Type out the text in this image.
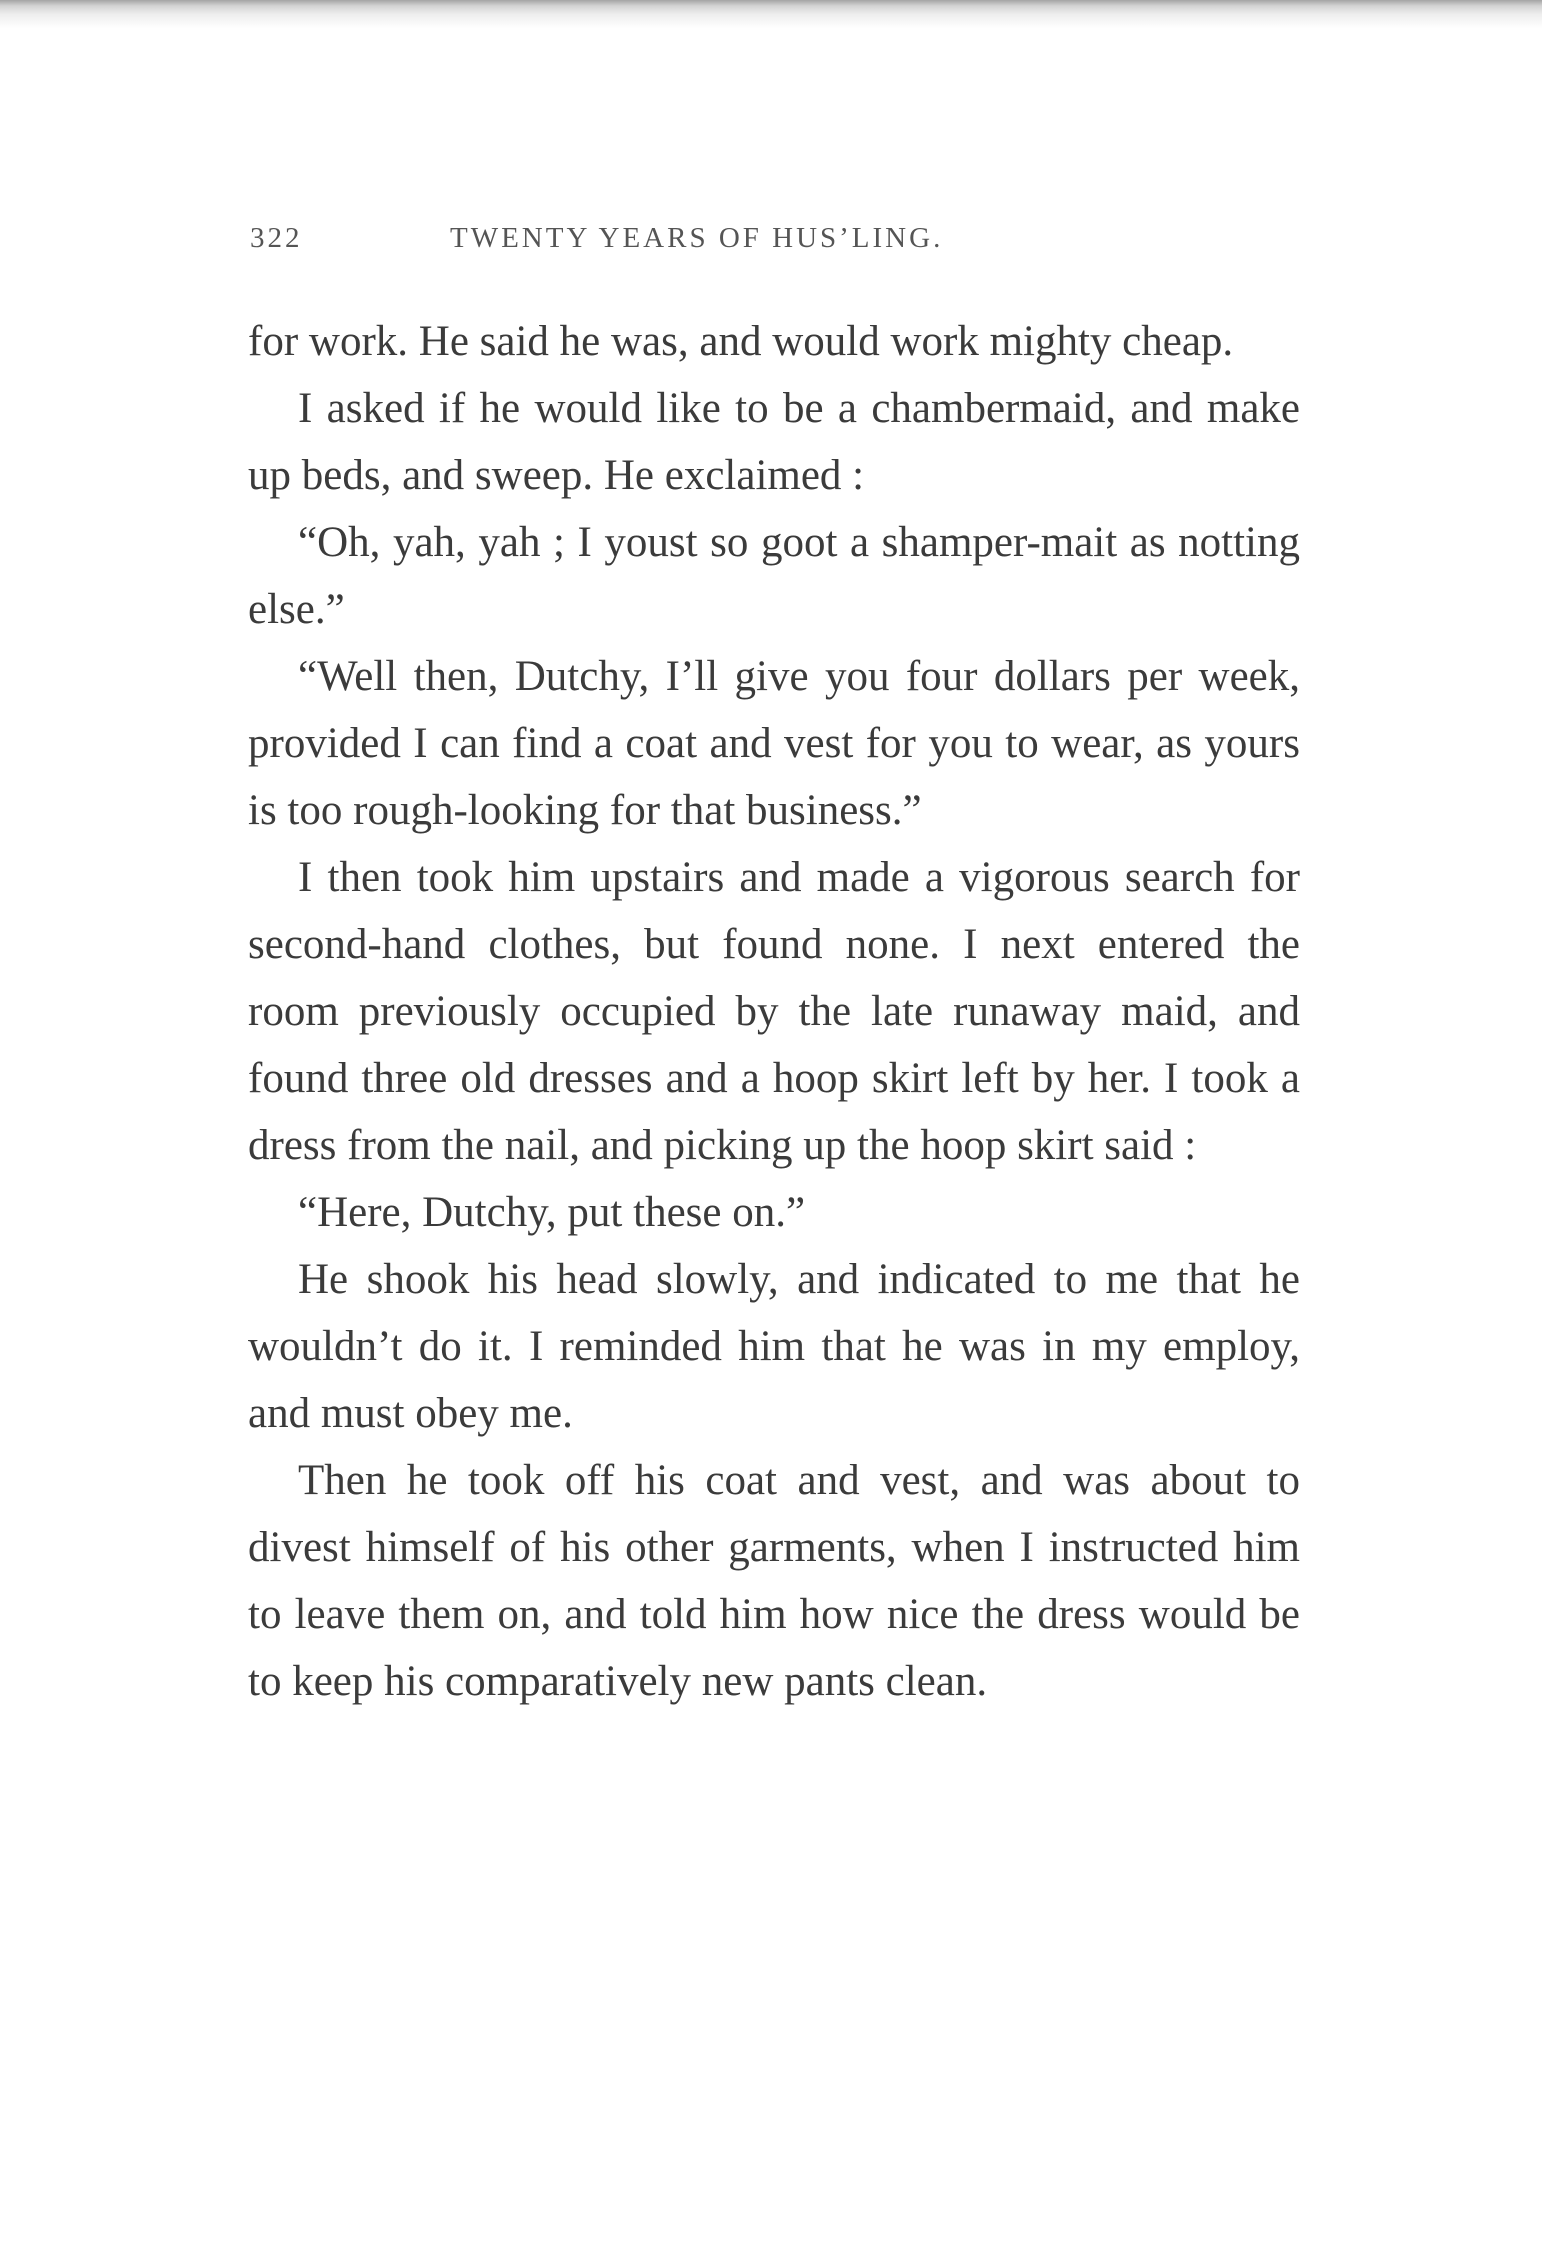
322	TWENTY YEARS OF HUS’LING.

for work. He said he was, and would work mighty cheap.

I asked if he would like to be a chambermaid, and make up beds, and sweep. He exclaimed :

“Oh, yah, yah ; I youst so goot a shamper-mait as notting else.”

“Well then, Dutchy, I’ll give you four dollars per week, provided I can find a coat and vest for you to wear, as yours is too rough-looking for that business.”

I then took him upstairs and made a vigorous search for second-hand clothes, but found none. I next entered the room previously occupied by the late runaway maid, and found three old dresses and a hoop skirt left by her. I took a dress from the nail, and picking up the hoop skirt said :

“Here, Dutchy, put these on.”

He shook his head slowly, and indicated to me that he wouldn’t do it. I reminded him that he was in my employ, and must obey me.

Then he took off his coat and vest, and was about to divest himself of his other garments, when I instructed him to leave them on, and told him how nice the dress would be to keep his comparatively new pants clean.
